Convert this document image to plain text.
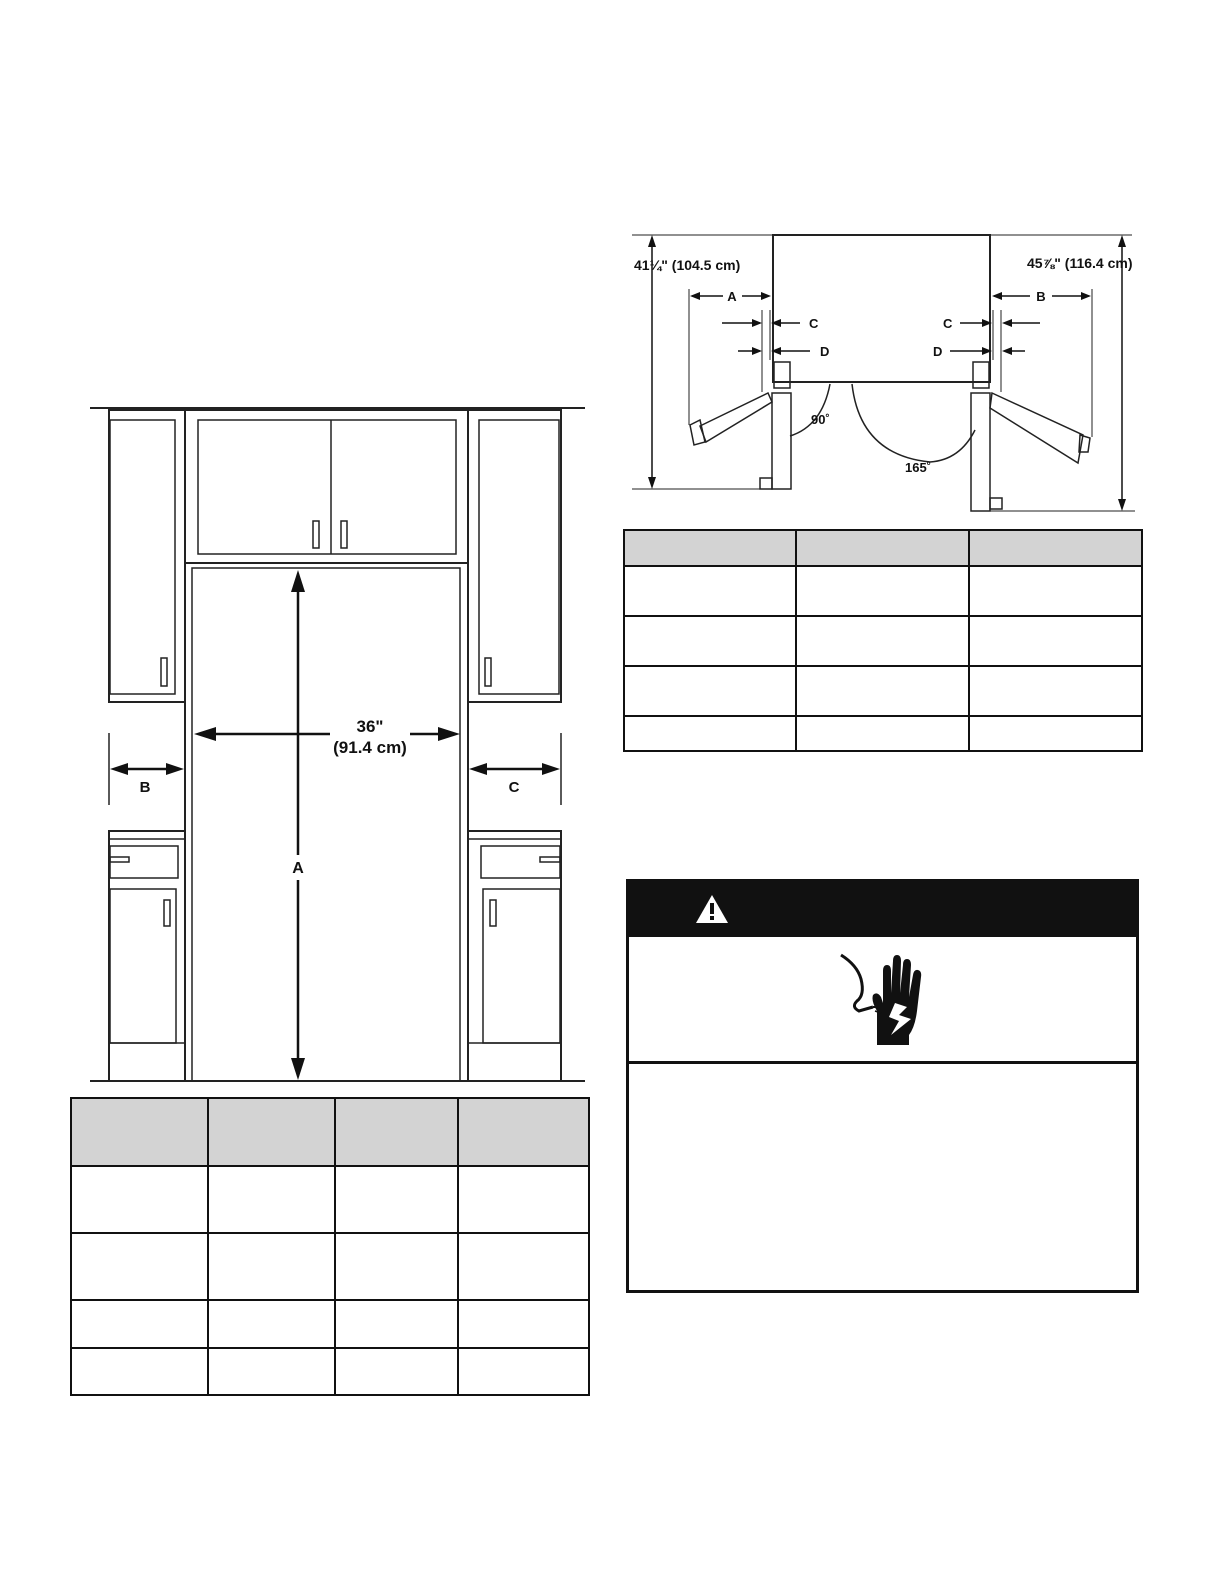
36"
(91.4 cm)
A
B	C
41¼" (104.5 cm)	45⅞" (116.4 cm)
A	B
C	C
D	D
90˚
165˚
